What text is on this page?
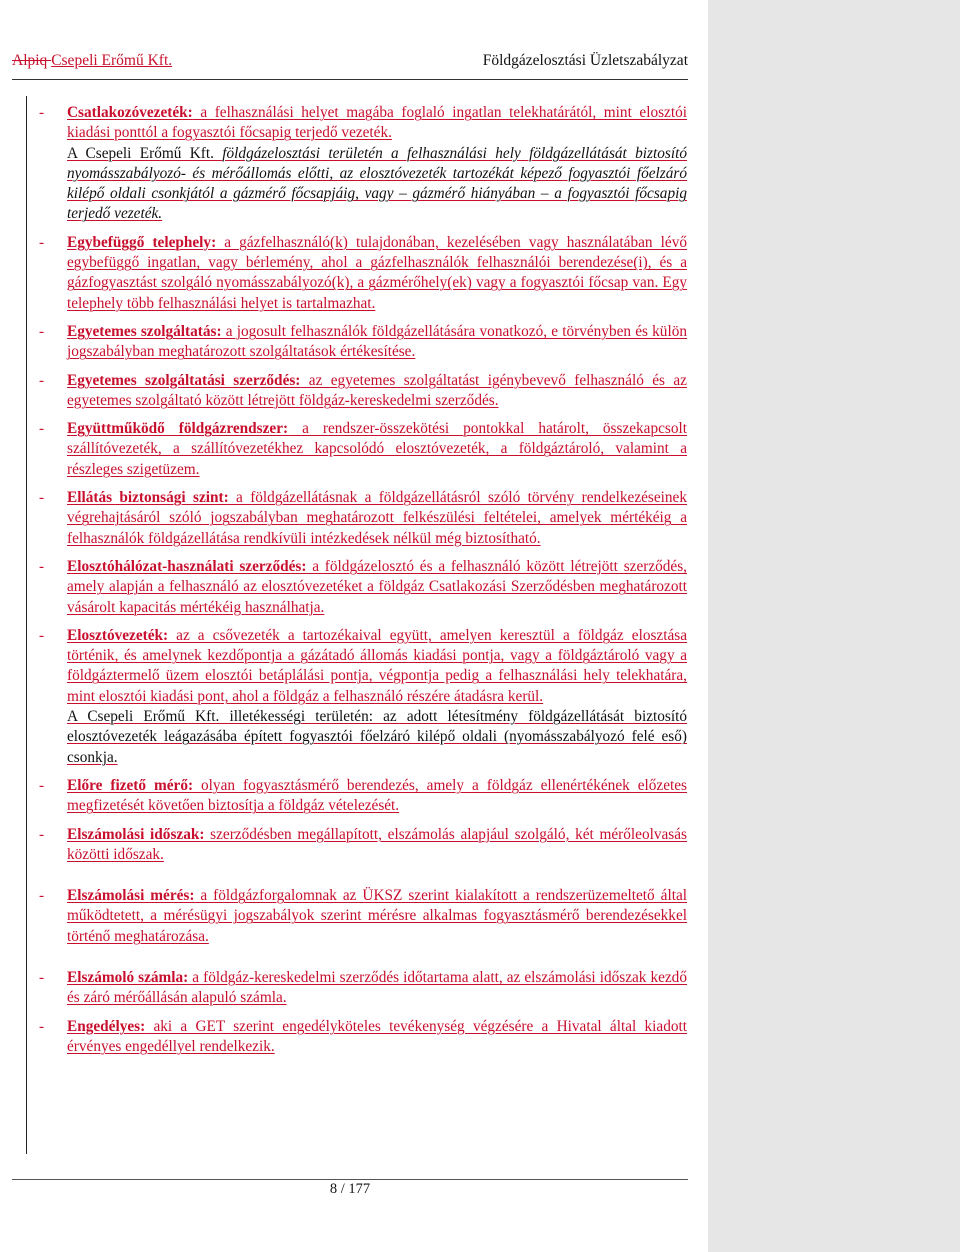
Alpiq Csepeli Erőmű Kft.	Földgázelosztási Üzletszabályzat
- Csatlakozóvezeték: a felhasználási helyet magába foglaló ingatlan telekhatárától, mint elosztói kiadási ponttól a fogyasztói főcsapig terjedő vezeték.
A Csepeli Erőmű Kft. földgázelosztási területén a felhasználási hely földgázellátását biztosító nyomásszabályozó- és mérőállomás előtti, az elosztóvezeték tartozékát képező fogyasztói főelzáró kilépő oldali csonkjától a gázmérő főcsapjáig, vagy – gázmérő hiányában – a fogyasztói főcsapig terjedő vezeték.
- Egybefüggő telephely: a gázfelhasználó(k) tulajdonában, kezelésében vagy használatában lévő egybefüggő ingatlan, vagy bérlemény, ahol a gázfelhasználók felhasználói berendezése(i), és a gázfogyasztást szolgáló nyomásszabályozó(k), a gázmérőhely(ek) vagy a fogyasztói főcsap van. Egy telephely több felhasználási helyet is tartalmazhat.
- Egyetemes szolgáltatás: a jogosult felhasználók földgázellátására vonatkozó, e törvényben és külön jogszabályban meghatározott szolgáltatások értékesítése.
- Egyetemes szolgáltatási szerződés: az egyetemes szolgáltatást igénybevevő felhasználó és az egyetemes szolgáltató között létrejött földgáz-kereskedelmi szerződés.
- Együttműködő földgázrendszer: a rendszer-összekötési pontokkal határolt, összekapcsolt szállítóvezeték, a szállítóvezetékhez kapcsolódó elosztóvezeték, a földgáztároló, valamint a részleges szigetüzem.
- Ellátás biztonsági szint: a földgázellátásnak a földgázellátásról szóló törvény rendelkezéseinek végrehajtásáról szóló jogszabályban meghatározott felkészülési feltételei, amelyek mértékéig a felhasználók földgázellátása rendkívüli intézkedések nélkül még biztosítható.
- Elosztóhálózat-használati szerződés: a földgázelosztó és a felhasználó között létrejött szerződés, amely alapján a felhasználó az elosztóvezetéket a földgáz Csatlakozási Szerződésben meghatározott vásárolt kapacitás mértékéig használhatja.
- Elosztóvezeték: az a csővezeték a tartozékaival együtt, amelyen keresztül a földgáz elosztása történik, és amelynek kezdőpontja a gázátadó állomás kiadási pontja, vagy a földgáztároló vagy a földgáztermelő üzem elosztói betáplálási pontja, végpontja pedig a felhasználási hely telekhatára, mint elosztói kiadási pont, ahol a földgáz a felhasználó részére átadásra kerül.
A Csepeli Erőmű Kft. illetékességi területén: az adott létesítmény földgázellátását biztosító elosztóvezeték leágazásába épített fogyasztói főelzáró kilépő oldali (nyomásszabályozó felé eső) csonkja.
- Előre fizető mérő: olyan fogyasztásmérő berendezés, amely a földgáz ellenértékének előzetes megfizetését követően biztosítja a földgáz vételezését.
- Elszámolási időszak: szerződésben megállapított, elszámolás alapjául szolgáló, két mérőleolvasás közötti időszak.
- Elszámolási mérés: a földgázforgalomnak az ÜKSZ szerint kialakított a rendszerüzemeltető által működtetett, a mérésügyi jogszabályok szerint mérésre alkalmas fogyasztásmérő berendezésekkel történő meghatározása.
- Elszámoló számla: a földgáz-kereskedelmi szerződés időtartama alatt, az elszámolási időszak kezdő és záró mérőállásán alapuló számla.
- Engedélyes: aki a GET szerint engedélyköteles tevékenység végzésére a Hivatal által kiadott érvényes engedéllyel rendelkezik.
8 / 177
